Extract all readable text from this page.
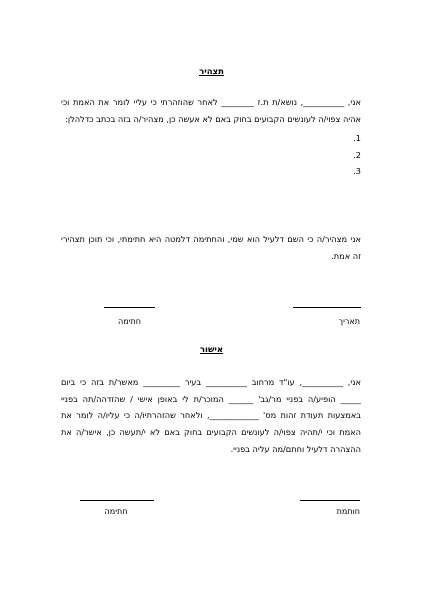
תצהיר
אני, __________, נושא/ת ת.ז ________ לאחר שהוזהרתי כי עליי לומר את האמת וכי אהיה צפוי/ה לעונשים הקבועים בחוק באם לא אעשה כן, מצהיר/ה בזה בכתב כדלהלן:
1.
2.
3.
אני מצהיר/ה כי השם דלעיל הוא שמי, והחתימה דלמטה היא חתימתי, וכי תוכן תצהירי זה אמת.
חתימה	תאריך
אישור
אני, __________, עו"ד מרחוב __________ בעיר _________ מאשר/ת בזה כי ביום _____ הופיע/ה בפניי מר/גב' ______ המוכר/ת לי באופן אישי / שהזדהה/תה בפניי באמצעות תעודת זהות מס' ____________, ולאחר שהזהרתיו/ה כי עליו/ה לומר את האמת וכי י/תהיה צפוי/ה לעונשים הקבועים בחוק באם לא י/תעשה כן, אישר/ה את ההצהרה דלעיל וחתם/מה עליה בפניי.
חתימה	חותמת
